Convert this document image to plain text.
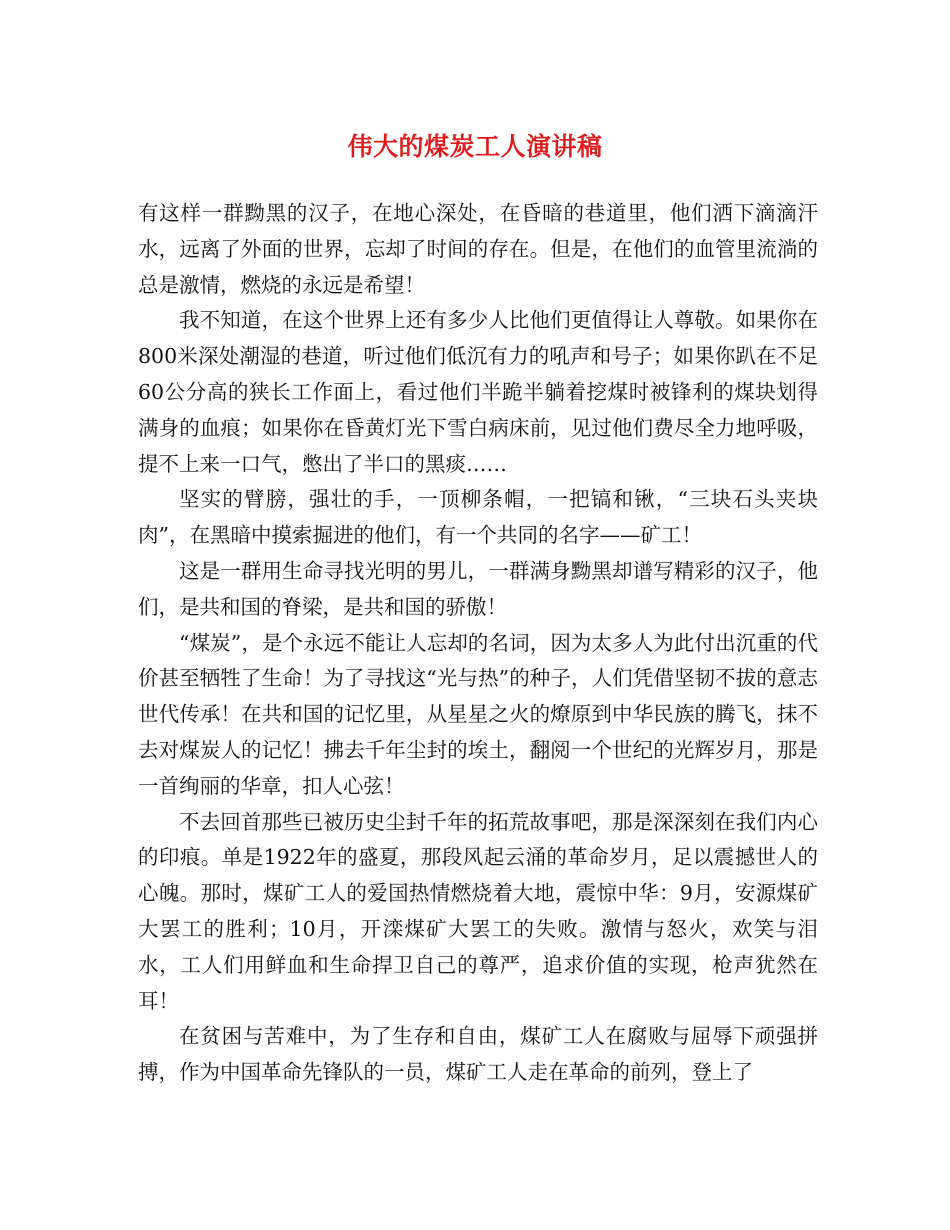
伟大的煤炭工人演讲稿

有这样一群黝黑的汉子，在地心深处，在昏暗的巷道里，他们洒下滴滴汗水，远离了外面的世界，忘却了时间的存在。但是，在他们的血管里流淌的总是激情，燃烧的永远是希望！

我不知道，在这个世界上还有多少人比他们更值得让人尊敬。如果你在800米深处潮湿的巷道，听过他们低沉有力的吼声和号子；如果你趴在不足60公分高的狭长工作面上，看过他们半跪半躺着挖煤时被锋利的煤块划得满身的血痕；如果你在昏黄灯光下雪白病床前，见过他们费尽全力地呼吸，提不上来一口气，憋出了半口的黑痰……

坚实的臂膀，强壮的手，一顶柳条帽，一把镐和锹，“三块石头夹块肉”，在黑暗中摸索掘进的他们，有一个共同的名字——矿工！

这是一群用生命寻找光明的男儿，一群满身黝黑却谱写精彩的汉子，他们，是共和国的脊梁，是共和国的骄傲！

“煤炭”，是个永远不能让人忘却的名词，因为太多人为此付出沉重的代价甚至牺牲了生命！为了寻找这“光与热”的种子，人们凭借坚韧不拔的意志世代传承！在共和国的记忆里，从星星之火的燎原到中华民族的腾飞，抹不去对煤炭人的记忆！拂去千年尘封的埃土，翻阅一个世纪的光辉岁月，那是一首绚丽的华章，扣人心弦！

不去回首那些已被历史尘封千年的拓荒故事吧，那是深深刻在我们内心的印痕。单是1922年的盛夏，那段风起云涌的革命岁月，足以震撼世人的心魄。那时，煤矿工人的爱国热情燃烧着大地，震惊中华：9月，安源煤矿大罢工的胜利；10月，开滦煤矿大罢工的失败。激情与怒火，欢笑与泪水，工人们用鲜血和生命捍卫自己的尊严，追求价值的实现，枪声犹然在耳！

在贫困与苦难中，为了生存和自由，煤矿工人在腐败与屈辱下顽强拼搏，作为中国革命先锋队的一员，煤矿工人走在革命的前列，登上了
